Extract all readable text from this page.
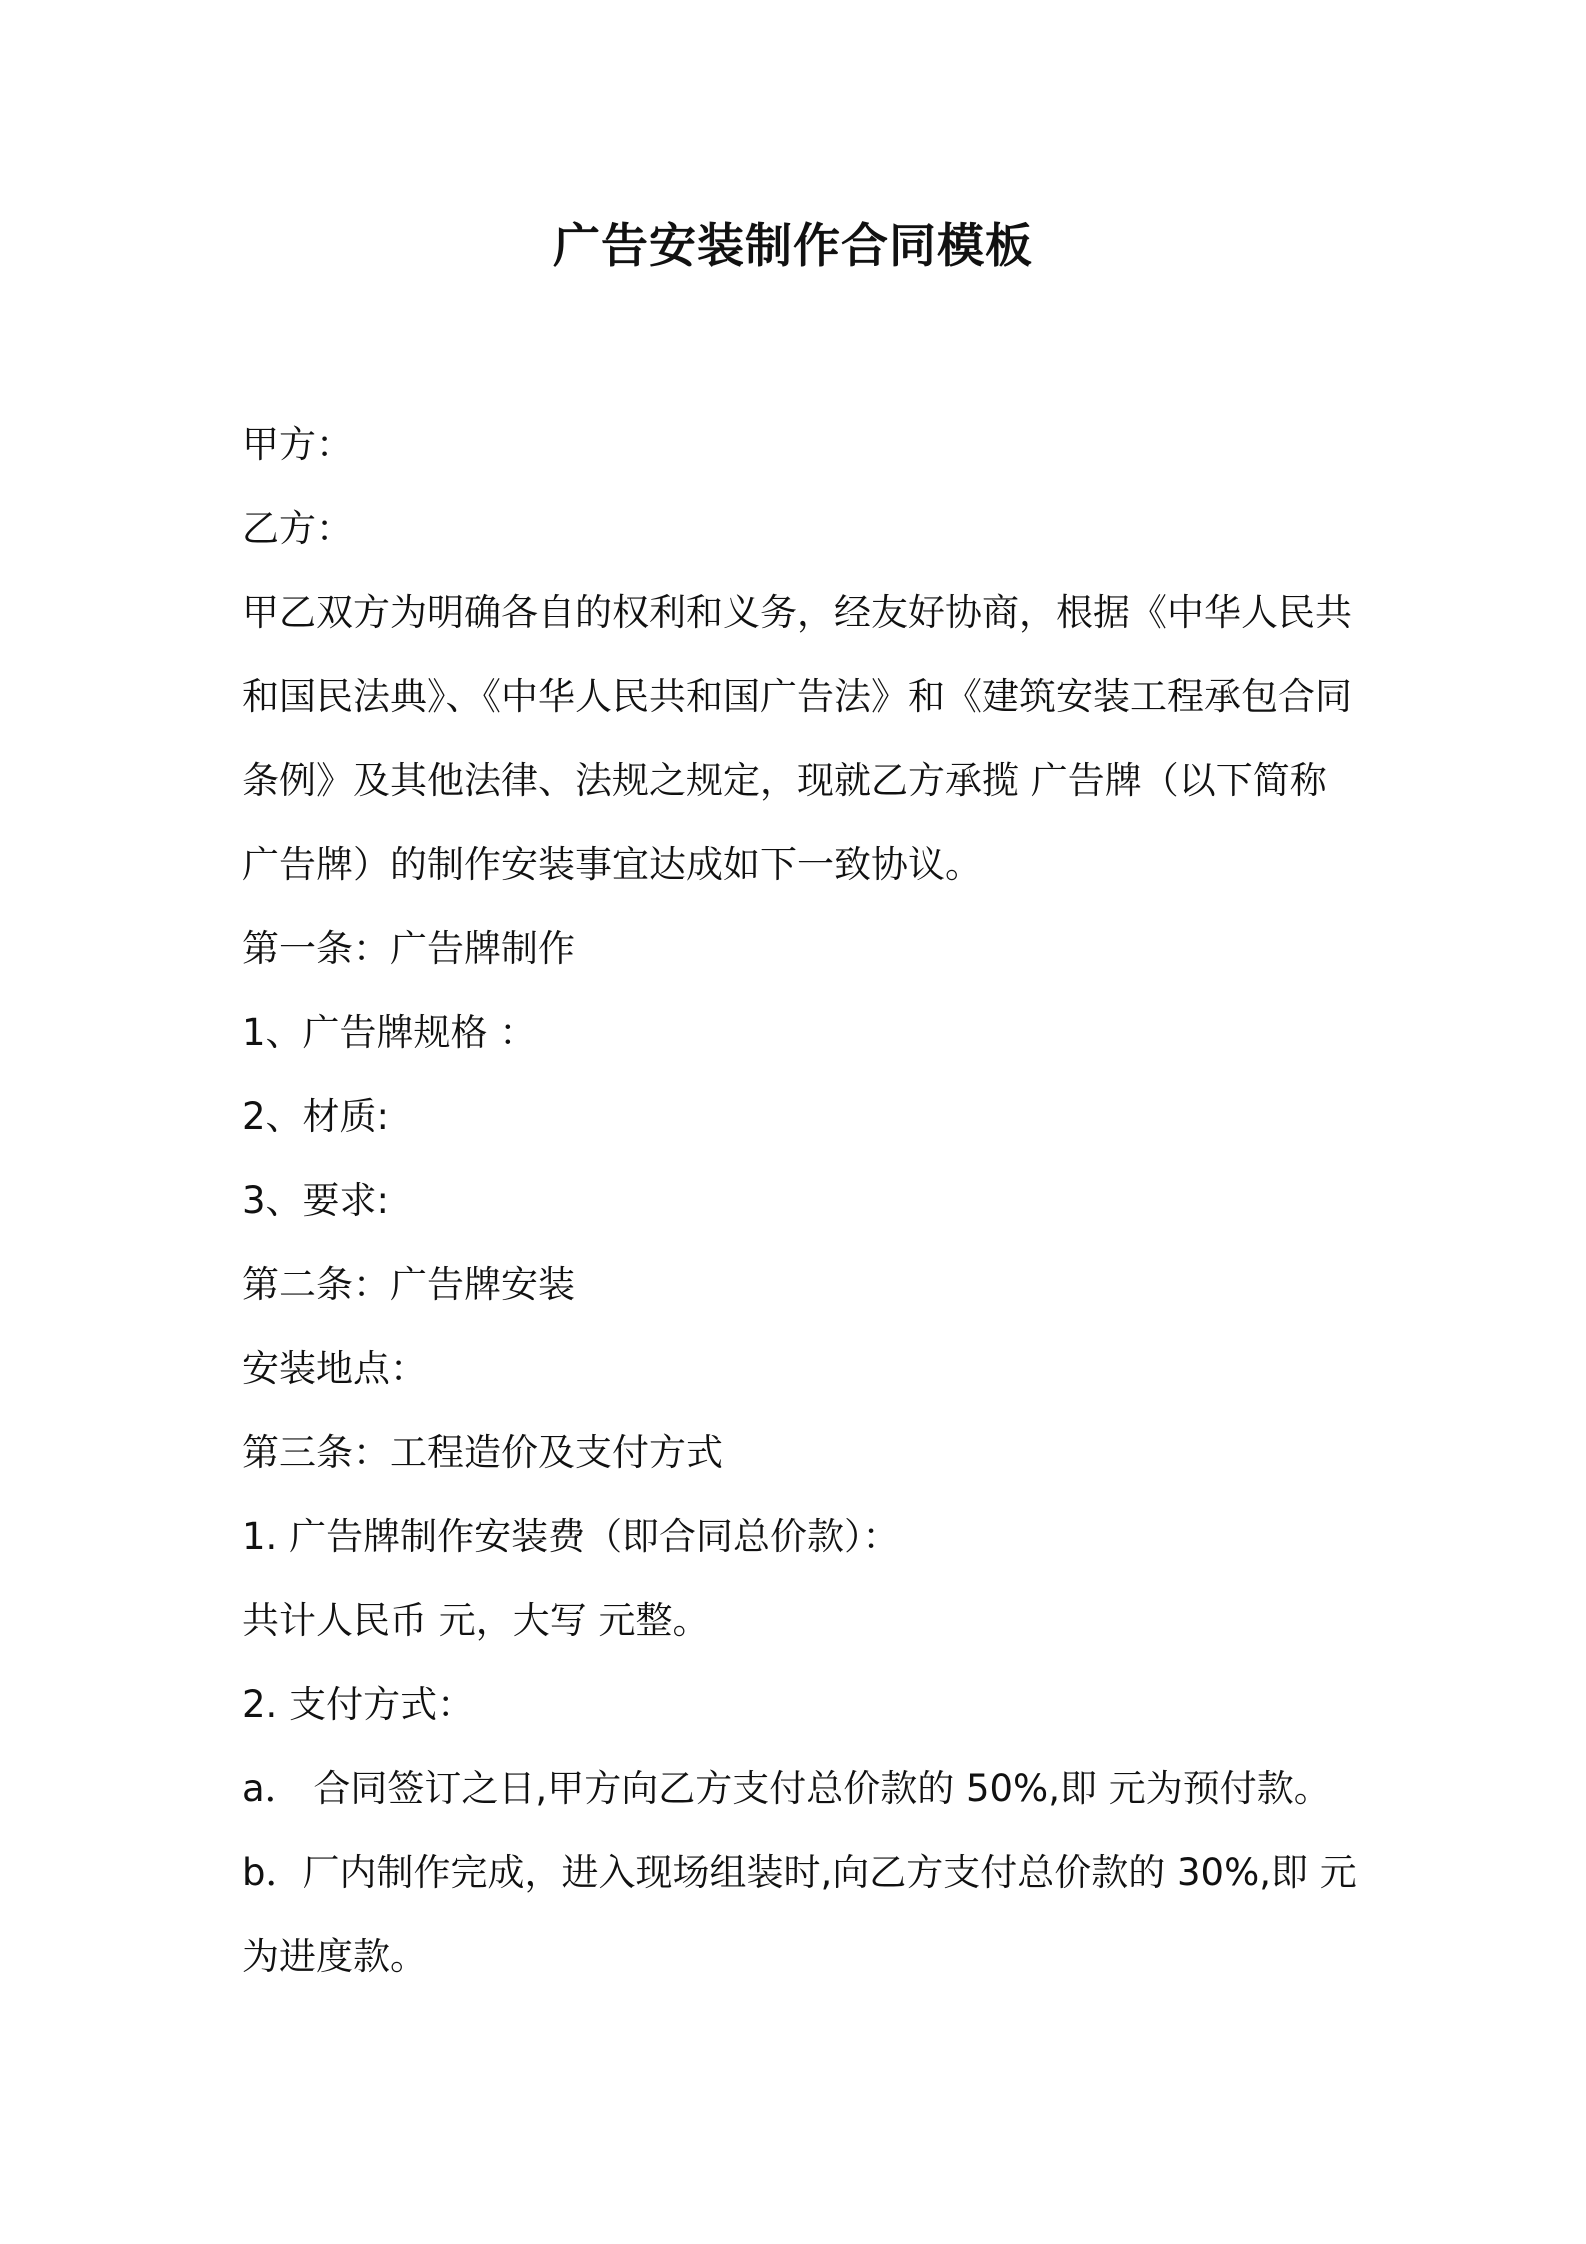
广告安装制作合同模板
甲方：
乙方：
甲乙双方为明确各自的权利和义务，经友好协商，根据《中华人民共
和国民法典》、《中华人民共和国广告法》和《建筑安装工程承包合同
条例》及其他法律、法规之规定，现就乙方承揽 广告牌（以下简称
广告牌）的制作安装事宜达成如下一致协议。
第一条：广告牌制作
1、广告牌规格 ：
2、材质:
3、要求:
第二条：广告牌安装
安装地点：
第三条：工程造价及支付方式
1. 广告牌制作安装费（即合同总价款）：
共计人民币 元，大写 元整。
2. 支付方式：
a． 合同签订之日,甲方向乙方支付总价款的 50%,即 元为预付款。
b．厂内制作完成，进入现场组装时,向乙方支付总价款的 30%,即 元
为进度款。
